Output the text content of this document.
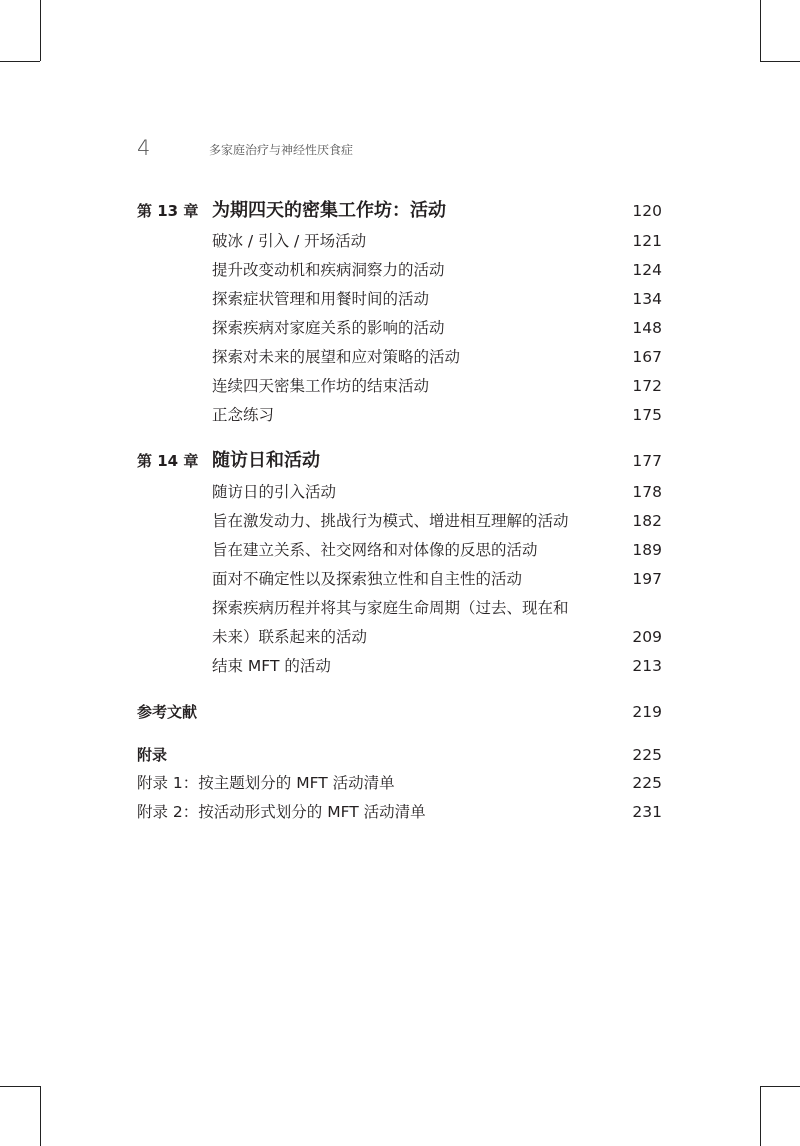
4	多家庭治疗与神经性厌食症
第 13 章 为期四天的密集工作坊：活动	120
破冰 / 引入 / 开场活动	121
提升改变动机和疾病洞察力的活动	124
探索症状管理和用餐时间的活动	134
探索疾病对家庭关系的影响的活动	148
探索对未来的展望和应对策略的活动	167
连续四天密集工作坊的结束活动	172
正念练习	175
第 14 章 随访日和活动	177
随访日的引入活动	178
旨在激发动力、挑战行为模式、增进相互理解的活动	182
旨在建立关系、社交网络和对体像的反思的活动	189
面对不确定性以及探索独立性和自主性的活动	197
探索疾病历程并将其与家庭生命周期（过去、现在和
未来）联系起来的活动	209
结束 MFT 的活动	213
参考文献	219
附录	225
附录 1：按主题划分的 MFT 活动清单	225
附录 2：按活动形式划分的 MFT 活动清单	231
